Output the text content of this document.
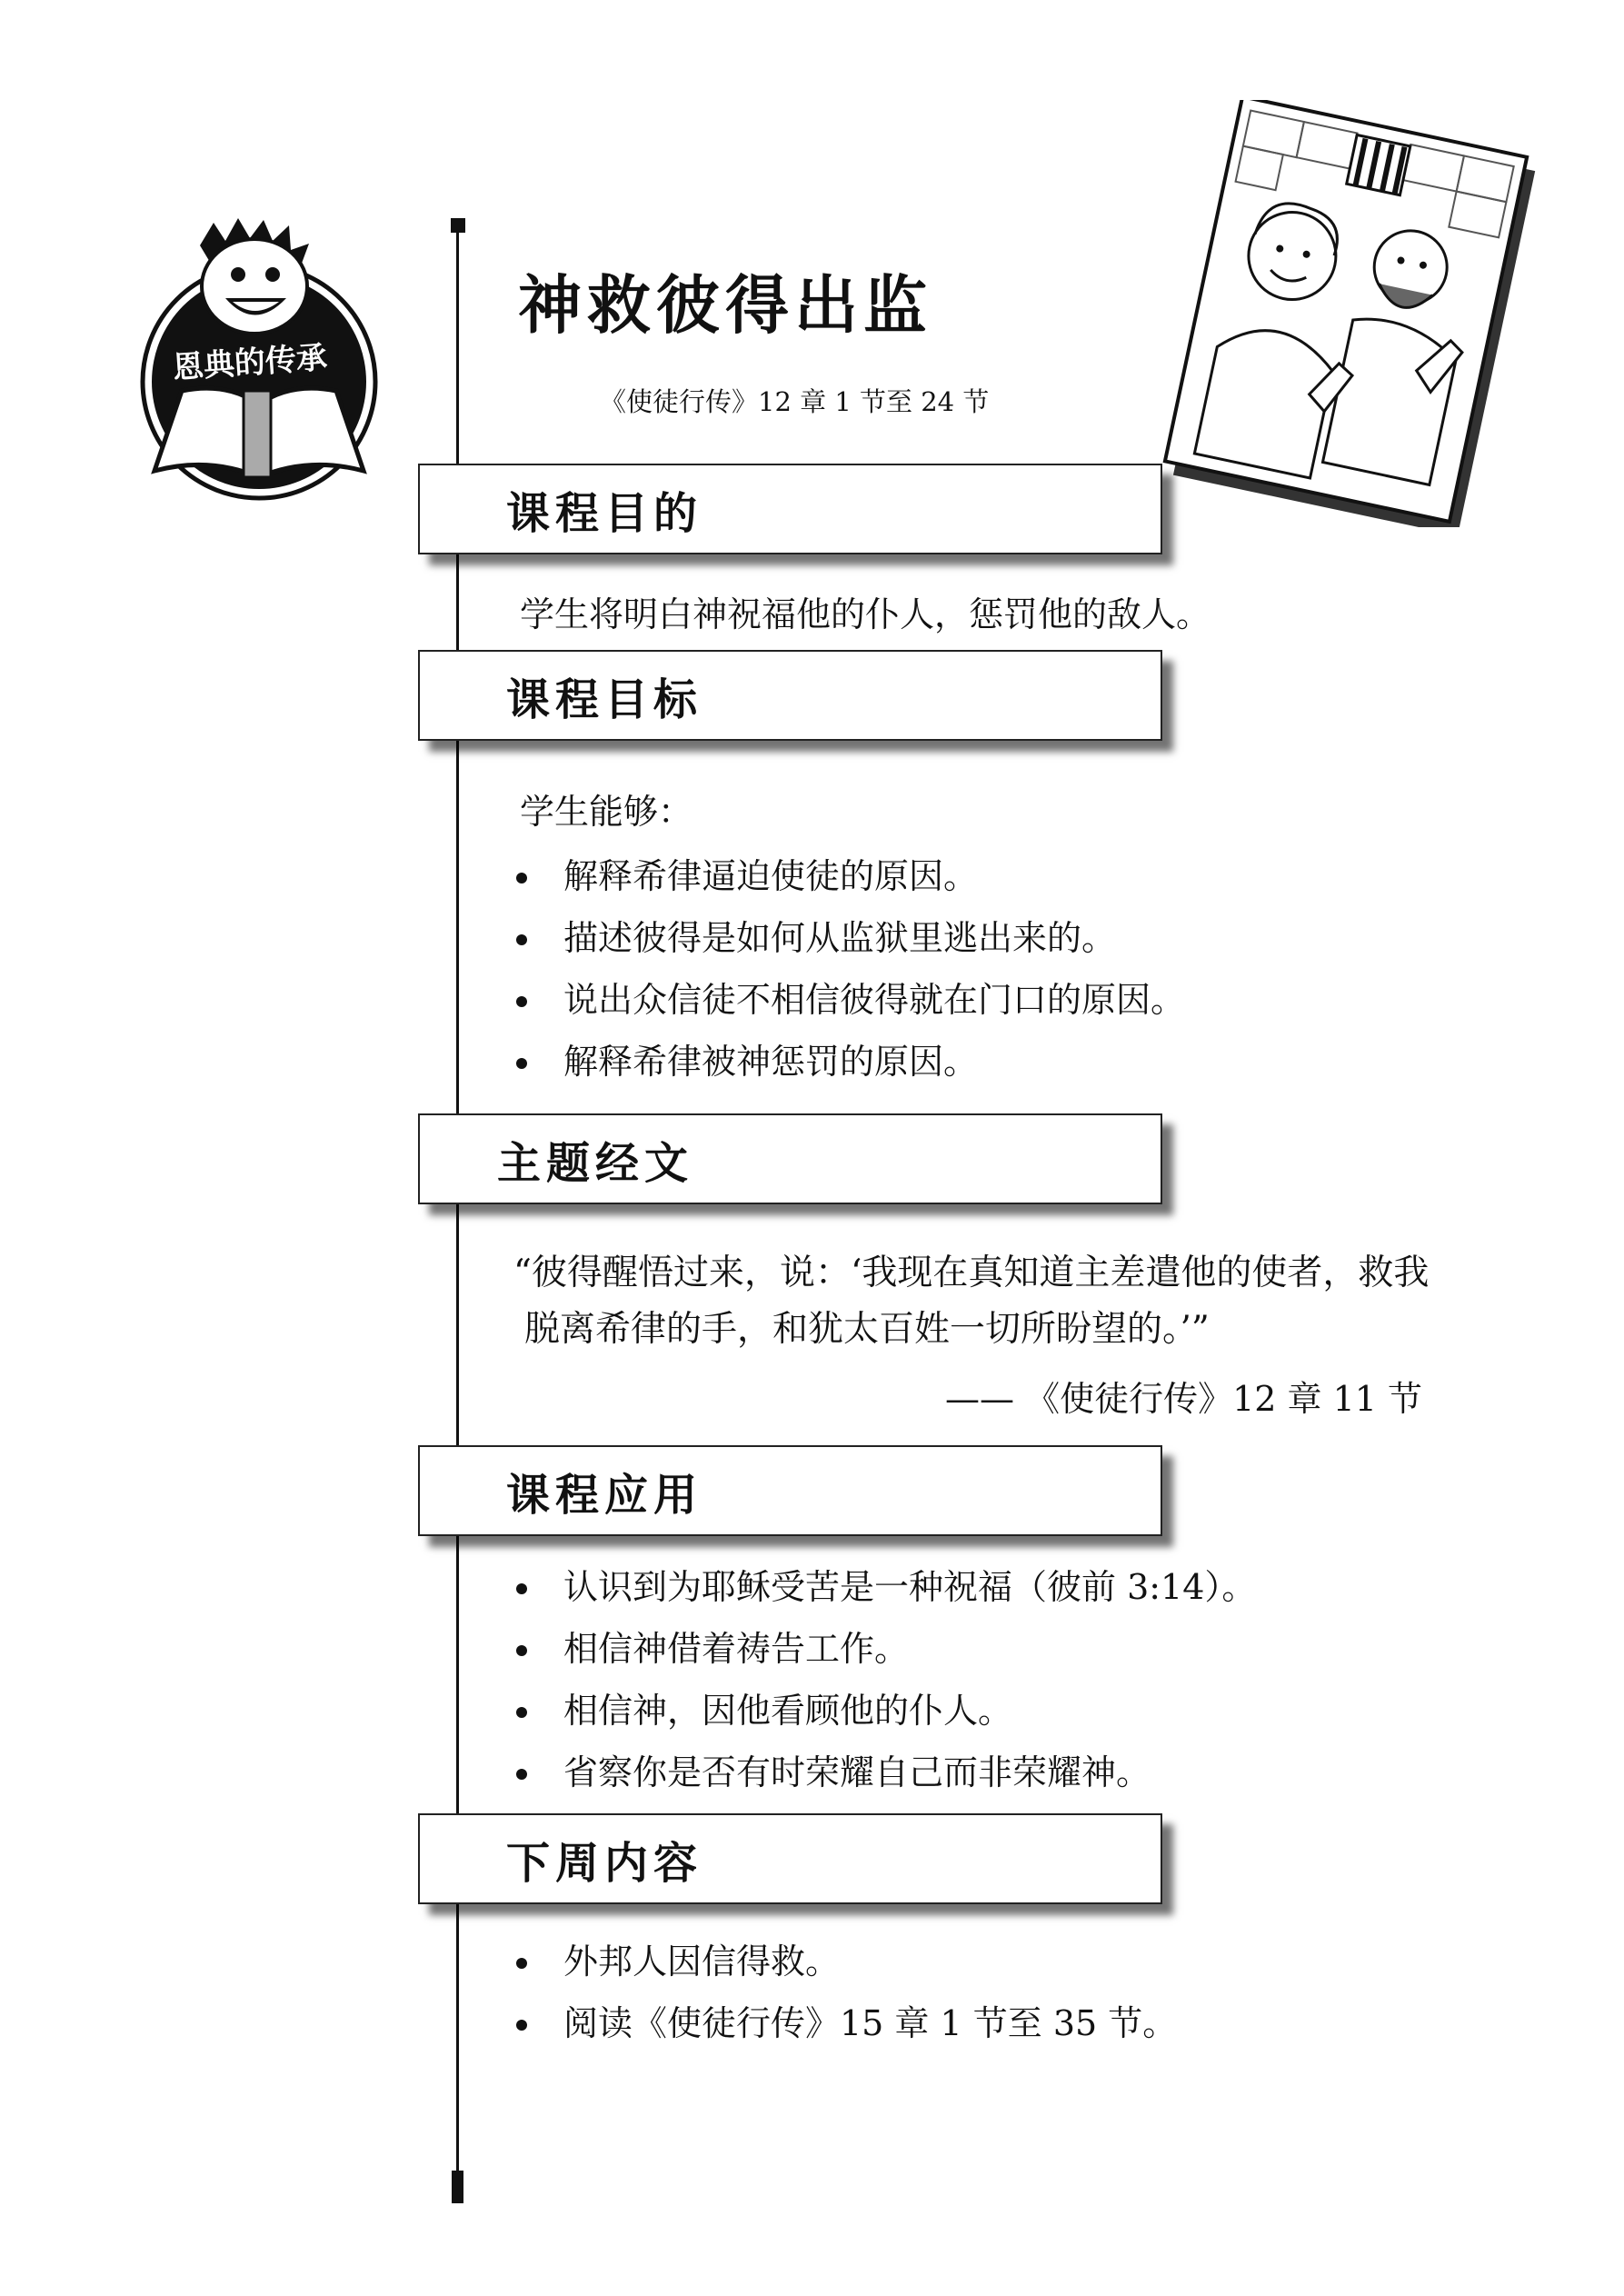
恩典的传承
神救彼得出监
《使徒行传》12 章 1 节至 24 节
课程目的
学生将明白神祝福他的仆人，惩罚他的敌人。
课程目标
学生能够：
解释希律逼迫使徒的原因。
描述彼得是如何从监狱里逃出来的。
说出众信徒不相信彼得就在门口的原因。
解释希律被神惩罚的原因。
主题经文
“彼得醒悟过来，说：‘我现在真知道主差遣他的使者，救我
脱离希律的手，和犹太百姓一切所盼望的。’”
—— 《使徒行传》12 章 11 节
课程应用
认识到为耶稣受苦是一种祝福（彼前 3:14）。
相信神借着祷告工作。
相信神，因他看顾他的仆人。
省察你是否有时荣耀自己而非荣耀神。
下周内容
外邦人因信得救。
阅读《使徒行传》15 章 1 节至 35 节。
